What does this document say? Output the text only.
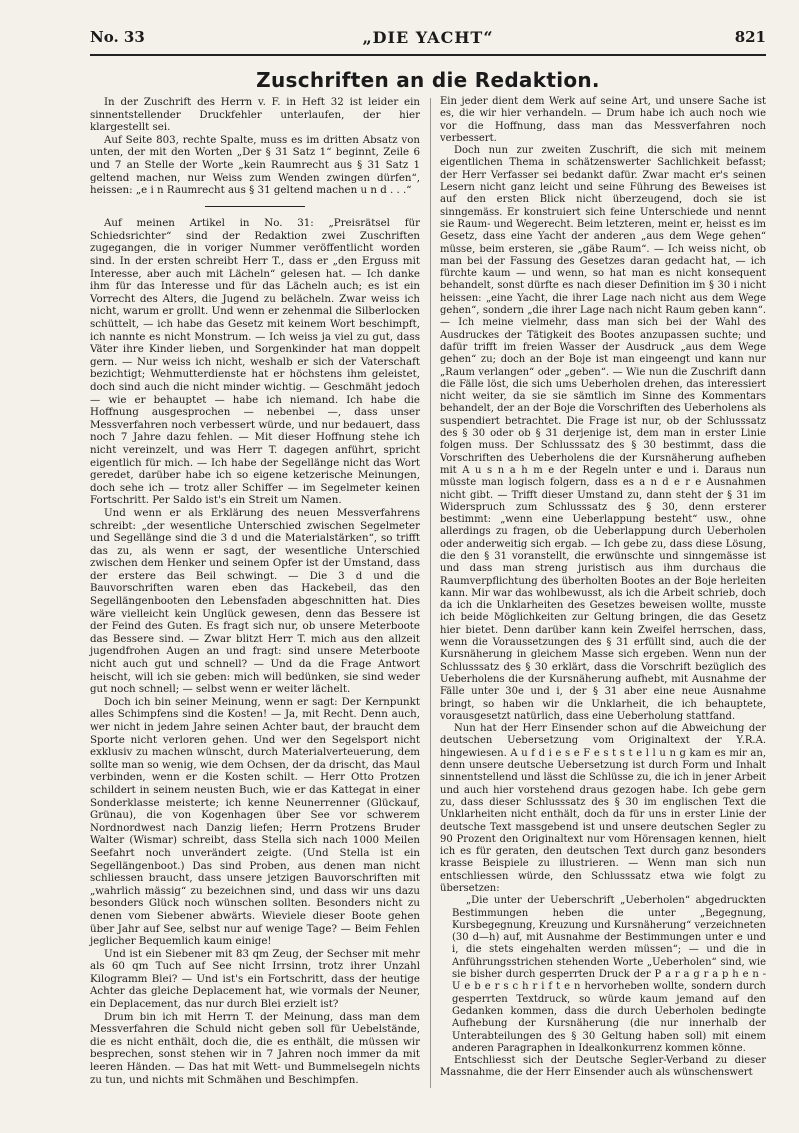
No. 33	„DIE YACHT“	821
Zuschriften an die Redaktion.

In der Zuschrift des Herrn v. F. in Heft 32 ist leider ein sinnentstellender Druckfehler unterlaufen, der hier klargestellt sei.

Auf Seite 803, rechte Spalte, muss es im dritten Absatz von unten, der mit den Worten „Der § 31 Satz 1“ beginnt, Zeile 6 und 7 an Stelle der Worte „kein Raumrecht aus § 31 Satz 1 geltend machen, nur Weiss zum Wenden zwingen dürfen“, heissen: „e i n Raumrecht aus § 31 geltend machen u n d . . .“

Auf meinen Artikel in No. 31: „Preisrätsel für Schiedsrichter“ sind der Redaktion zwei Zuschriften zugegangen, die in voriger Nummer veröffentlicht worden sind. In der ersten schreibt Herr T., dass er „den Erguss mit Interesse, aber auch mit Lächeln“ gelesen hat. — Ich danke ihm für das Interesse und für das Lächeln auch; es ist ein Vorrecht des Alters, die Jugend zu belächeln. Zwar weiss ich nicht, warum er grollt. Und wenn er zehenmal die Silberlocken schüttelt, — ich habe das Gesetz mit keinem Wort beschimpft, ich nannte es nicht Monstrum. — Ich weiss ja viel zu gut, dass Väter ihre Kinder lieben, und Sorgenkinder hat man doppelt gern. — Nur weiss ich nicht, weshalb er sich der Vaterschaft bezichtigt; Wehmutterdienste hat er höchstens ihm geleistet, doch sind auch die nicht minder wichtig. — Geschmäht jedoch — wie er behauptet — habe ich niemand. Ich habe die Hoffnung ausgesprochen — nebenbei —, dass unser Messverfahren noch verbessert würde, und nur bedauert, dass noch 7 Jahre dazu fehlen. — Mit dieser Hoffnung stehe ich nicht vereinzelt, und was Herr T. dagegen anführt, spricht eigentlich für mich. — Ich habe der Segellänge nicht das Wort geredet, darüber habe ich so eigene ketzerische Meinungen, doch sehe ich — trotz aller Schiffer — im Segelmeter keinen Fortschritt. Per Saldo ist's ein Streit um Namen.

Und wenn er als Erklärung des neuen Messverfahrens schreibt: „der wesentliche Unterschied zwischen Segelmeter und Segellänge sind die 3 d und die Materialstärken“, so trifft das zu, als wenn er sagt, der wesentliche Unterschied zwischen dem Henker und seinem Opfer ist der Umstand, dass der erstere das Beil schwingt. — Die 3 d und die Bauvorschriften waren eben das Hackebeil, das den Segellängenbooten den Lebensfaden abgeschnitten hat. Dies wäre vielleicht kein Unglück gewesen, denn das Bessere ist der Feind des Guten. Es fragt sich nur, ob unsere Meterboote das Bessere sind. — Zwar blitzt Herr T. mich aus den allzeit jugendfrohen Augen an und fragt: sind unsere Meterboote nicht auch gut und schnell? — Und da die Frage Antwort heischt, will ich sie geben: mich will bedünken, sie sind weder gut noch schnell; — selbst wenn er weiter lächelt.

Doch ich bin seiner Meinung, wenn er sagt: Der Kernpunkt alles Schimpfens sind die Kosten! — Ja, mit Recht. Denn auch, wer nicht in jedem Jahre seinen Achter baut, der braucht dem Sporte nicht verloren gehen. Und wer den Segelsport nicht exklusiv zu machen wünscht, durch Materialverteuerung, dem sollte man so wenig, wie dem Ochsen, der da drischt, das Maul verbinden, wenn er die Kosten schilt. — Herr Otto Protzen schildert in seinem neusten Buch, wie er das Kattegat in einer Sonderklasse meisterte; ich kenne Neunerrenner (Glückauf, Grünau), die von Kogenhagen über See vor schwerem Nordnordwest nach Danzig liefen; Herrn Protzens Bruder Walter (Wismar) schreibt, dass Stella sich nach 1000 Meilen Seefahrt noch unverändert zeigte. (Und Stella ist ein Segellängenboot.) Das sind Proben, aus denen man nicht schliessen braucht, dass unsere jetzigen Bauvorschriften mit „wahrlich mässig“ zu bezeichnen sind, und dass wir uns dazu besonders Glück noch wünschen sollten. Besonders nicht zu denen vom Siebener abwärts. Wieviele dieser Boote gehen über Jahr auf See, selbst nur auf wenige Tage? — Beim Fehlen jeglicher Bequemlich kaum einige!

Und ist ein Siebener mit 83 qm Zeug, der Sechser mit mehr als 60 qm Tuch auf See nicht Irrsinn, trotz ihrer Unzahl Kilogramm Blei? — Und ist's ein Fortschritt, dass der heutige Achter das gleiche Deplacement hat, wie vormals der Neuner, ein Deplacement, das nur durch Blei erzielt ist?

Drum bin ich mit Herrn T. der Meinung, dass man dem Messverfahren die Schuld nicht geben soll für Uebelstände, die es nicht enthält, doch die, die es enthält, die müssen wir besprechen, sonst stehen wir in 7 Jahren noch immer da mit leeren Händen. — Das hat mit Wett- und Bummelsegeln nichts zu tun, und nichts mit Schmähen und Beschimpfen.

Ein jeder dient dem Werk auf seine Art, und unsere Sache ist es, die wir hier verhandeln. — Drum habe ich auch noch wie vor die Hoffnung, dass man das Messverfahren noch verbessert.

Doch nun zur zweiten Zuschrift, die sich mit meinem eigentlichen Thema in schätzenswerter Sachlichkeit befasst; der Herr Verfasser sei bedankt dafür. Zwar macht er's seinen Lesern nicht ganz leicht und seine Führung des Beweises ist auf den ersten Blick nicht überzeugend, doch sie ist sinngemäss. Er konstruiert sich feine Unterschiede und nennt sie Raum- und Wegerecht. Beim letzteren, meint er, heisst es im Gesetz, dass eine Yacht der anderen „aus dem Wege gehen“ müsse, beim ersteren, sie „gäbe Raum“. — Ich weiss nicht, ob man bei der Fassung des Gesetzes daran gedacht hat, — ich fürchte kaum — und wenn, so hat man es nicht konsequent behandelt, sonst dürfte es nach dieser Definition im § 30 i nicht heissen: „eine Yacht, die ihrer Lage nach nicht aus dem Wege gehen“, sondern „die ihrer Lage nach nicht Raum geben kann“. — Ich meine vielmehr, dass man sich bei der Wahl des Ausdruckes der Tätigkeit des Bootes anzupassen suchte; und dafür trifft im freien Wasser der Ausdruck „aus dem Wege gehen“ zu; doch an der Boje ist man eingeengt und kann nur „Raum verlangen“ oder „geben“. — Wie nun die Zuschrift dann die Fälle löst, die sich ums Ueberholen drehen, das interessiert nicht weiter, da sie sie sämtlich im Sinne des Kommentars behandelt, der an der Boje die Vorschriften des Ueberholens als suspendiert betrachtet. Die Frage ist nur, ob der Schlusssatz des § 30 oder ob § 31 derjenige ist, dem man in erster Linie folgen muss. Der Schlusssatz des § 30 bestimmt, dass die Vorschriften des Ueberholens die der Kursnäherung aufheben mit A u s n a h m e der Regeln unter e und i. Daraus nun müsste man logisch folgern, dass es a n d e r e Ausnahmen nicht gibt. — Trifft dieser Umstand zu, dann steht der § 31 im Widerspruch zum Schlusssatz des § 30, denn ersterer bestimmt: „wenn eine Ueberlappung besteht“ usw., ohne allerdings zu fragen, ob die Ueberlappung durch Ueberholen oder anderweitig sich ergab. — Ich gebe zu, dass diese Lösung, die den § 31 voranstellt, die erwünschte und sinngemässe ist und dass man streng juristisch aus ihm durchaus die Raumverpflichtung des überholten Bootes an der Boje herleiten kann. Mir war das wohlbewusst, als ich die Arbeit schrieb, doch da ich die Unklarheiten des Gesetzes beweisen wollte, musste ich beide Möglichkeiten zur Geltung bringen, die das Gesetz hier bietet. Denn darüber kann kein Zweifel herrschen, dass, wenn die Voraussetzungen des § 31 erfüllt sind, auch die der Kursnäherung in gleichem Masse sich ergeben. Wenn nun der Schlusssatz des § 30 erklärt, dass die Vorschrift bezüglich des Ueberholens die der Kursnäherung aufhebt, mit Ausnahme der Fälle unter 30e und i, der § 31 aber eine neue Ausnahme bringt, so haben wir die Unklarheit, die ich behauptete, vorausgesetzt natürlich, dass eine Ueberholung stattfand.

Nun hat der Herr Einsender schon auf die Abweichung der deutschen Uebersetzung vom Originaltext der Y.R.A. hingewiesen. A u f d i e s e F e s t s t e l l u n g kam es mir an, denn unsere deutsche Uebersetzung ist durch Form und Inhalt sinnentstellend und lässt die Schlüsse zu, die ich in jener Arbeit und auch hier vorstehend draus gezogen habe. Ich gebe gern zu, dass dieser Schlusssatz des § 30 im englischen Text die Unklarheiten nicht enthält, doch da für uns in erster Linie der deutsche Text massgebend ist und unsere deutschen Segler zu 90 Prozent den Originaltext nur vom Hörensagen kennen, hielt ich es für geraten, den deutschen Text durch ganz besonders krasse Beispiele zu illustrieren. — Wenn man sich nun entschliessen würde, den Schlusssatz etwa wie folgt zu übersetzen:

„Die unter der Ueberschrift „Ueberholen“ abgedruckten Bestimmungen heben die unter „Begegnung, Kursbegegnung, Kreuzung und Kursnäherung“ verzeichneten (30 d—h) auf, mit Ausnahme der Bestimmungen unter e und i, die stets eingehalten werden müssen“; — und die in Anführungsstrichen stehenden Worte „Ueberholen“ sind, wie sie bisher durch gesperrten Druck der P a r a g r a p h e n - U e b e r s c h r i f t e n hervorheben wollte, sondern durch gesperrten Textdruck, so würde kaum jemand auf den Gedanken kommen, dass die durch Ueberholen bedingte Aufhebung der Kursnäherung (die nur innerhalb der Unterabteilungen des § 30 Geltung haben soll) mit einem anderen Paragraphen in Idealkonkurrenz kommen könne.

Entschliesst sich der Deutsche Segler-Verband zu dieser Massnahme, die der Herr Einsender auch als wünschenswert
